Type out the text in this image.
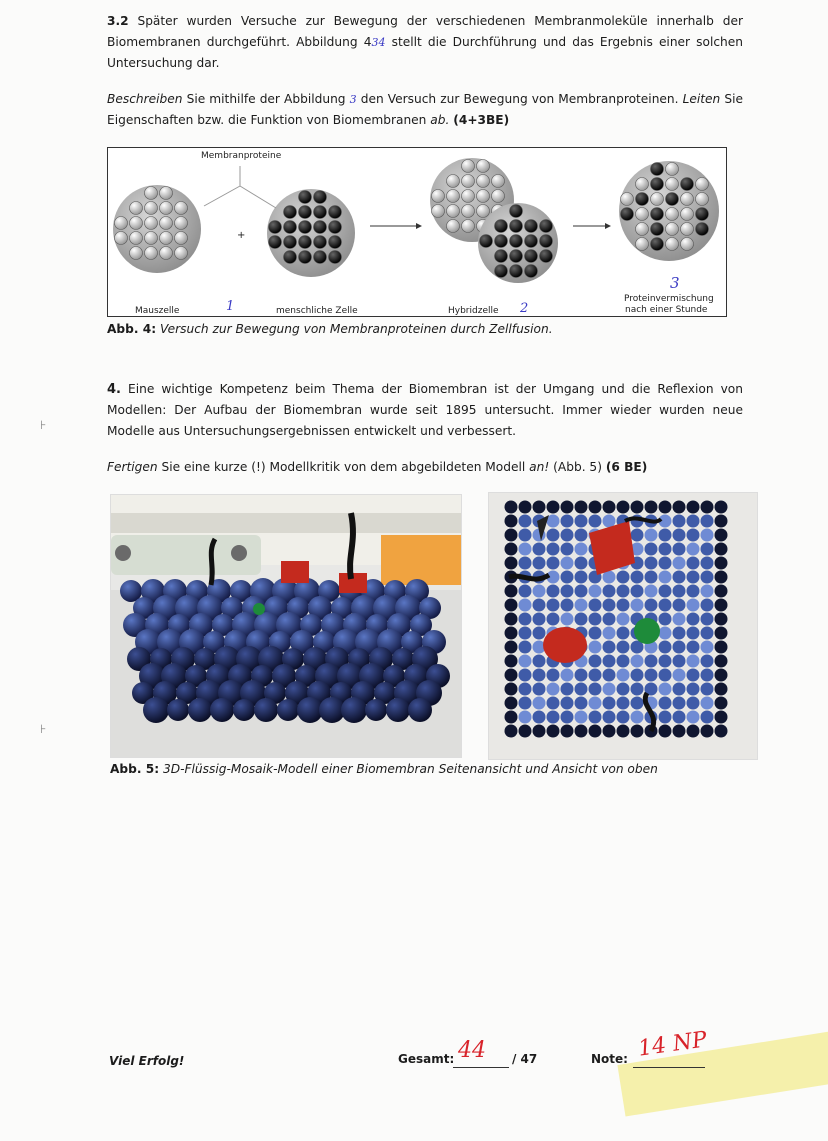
3.2 Später wurden Versuche zur Bewegung der verschiedenen Membranmoleküle innerhalb der Biomembranen durchgeführt. Abbildung 434 stellt die Durchführung und das Ergebnis einer solchen Untersuchung dar.
Beschreiben Sie mithilfe der Abbildung 3 den Versuch zur Bewegung von Membranproteinen. Leiten Sie Eigenschaften bzw. die Funktion von Biomembranen ab. (4+3BE)
Membranproteine
+
Mauszelle	1	menschliche Zelle	Hybridzelle 2
3
Proteinvermischung
nach einer Stunde
Abb. 4: Versuch zur Bewegung von Membranproteinen durch Zellfusion.
4. Eine wichtige Kompetenz beim Thema der Biomembran ist der Umgang und die Reflexion von Modellen: Der Aufbau der Biomembran wurde seit 1895 untersucht. Immer wieder wurden neue Modelle aus Untersuchungsergebnissen entwickelt und verbessert.
Fertigen Sie eine kurze (!) Modellkritik von dem abgebildeten Modell an! (Abb. 5) (6 BE)
Abb. 5: 3D-Flüssig-Mosaik-Modell einer Biomembran Seitenansicht und Ansicht von oben
⊦
⊦
Viel Erfolg!	Gesamt: 44 / 47	Note: 14 NP
